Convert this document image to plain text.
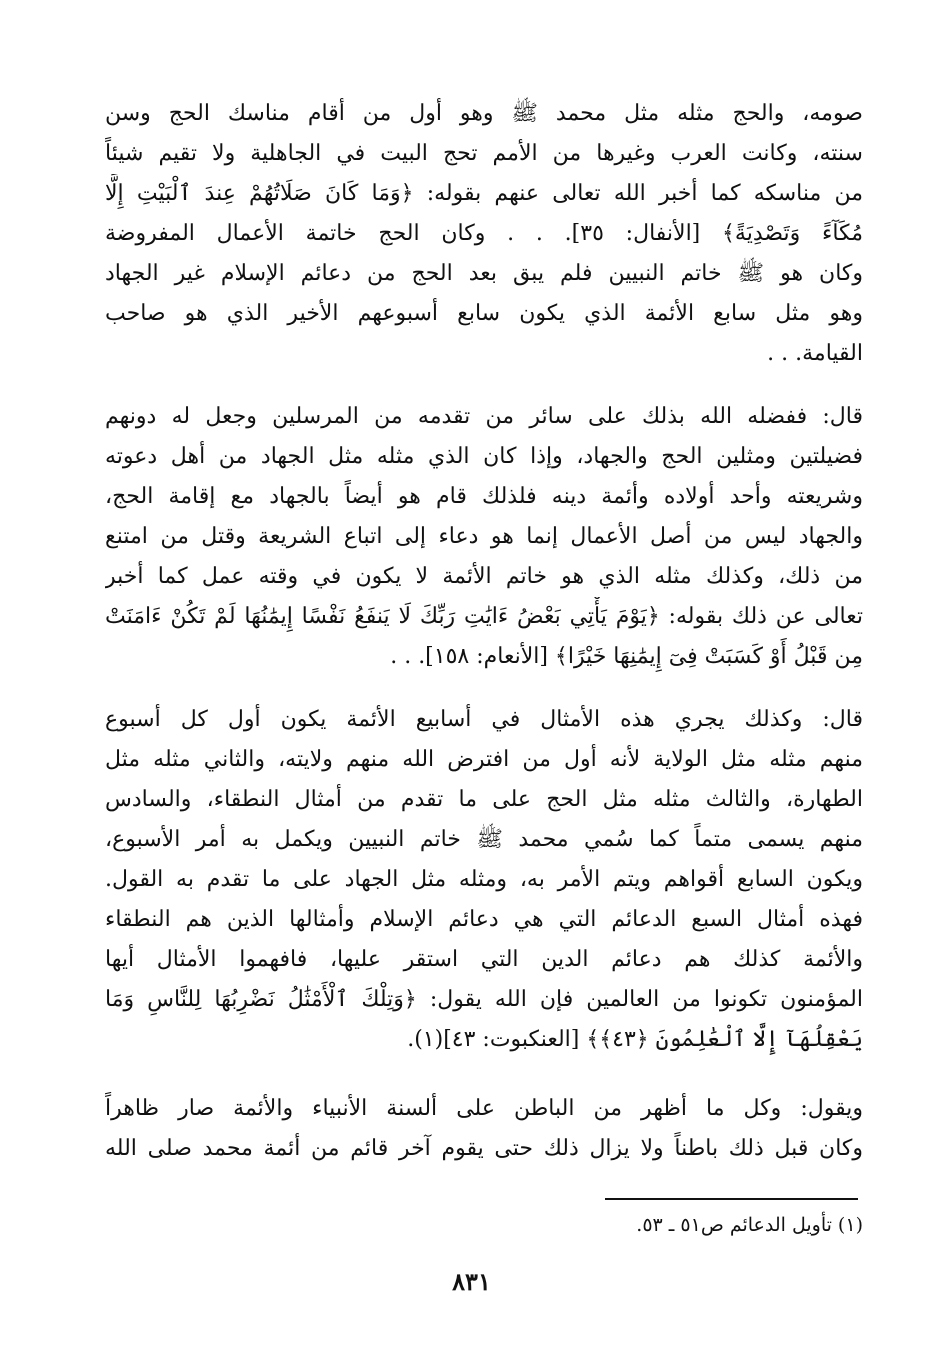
صومه، والحج مثله مثل محمد ﷺ وهو أول من أقام مناسك الحج وسن
سنته، وكانت العرب وغيرها من الأمم تحج البيت في الجاهلية ولا تقيم شيئاً
من مناسكه كما أخبر الله تعالى عنهم بقوله: ﴿وَمَا كَانَ صَلَاتُهُمْ عِندَ ٱلْبَيْتِ إِلَّا
مُكَآءً وَتَصْدِيَةً﴾ [الأنفال: ٣٥]. . . وكان الحج خاتمة الأعمال المفروضة
وكان هو ﷺ خاتم النبيين فلم يبق بعد الحج من دعائم الإسلام غير الجهاد
وهو مثل سابع الأئمة الذي يكون سابع أسبوعهم الأخير الذي هو صاحب
القيامة. . .
قال: ففضله الله بذلك على سائر من تقدمه من المرسلين وجعل له دونهم
فضيلتين ومثلين الحج والجهاد، وإذا كان الذي مثله مثل الجهاد من أهل دعوته
وشريعته وأحد أولاده وأئمة دينه فلذلك قام هو أيضاً بالجهاد مع إقامة الحج،
والجهاد ليس من أصل الأعمال إنما هو دعاء إلى اتباع الشريعة وقتل من امتنع
من ذلك، وكذلك مثله الذي هو خاتم الأئمة لا يكون في وقته عمل كما أخبر
تعالى عن ذلك بقوله: ﴿يَوْمَ يَأْتِي بَعْضُ ءَايَٰتِ رَبِّكَ لَا يَنفَعُ نَفْسًا إِيمَٰنُهَا لَمْ تَكُنْ ءَامَنَتْ
مِن قَبْلُ أَوْ كَسَبَتْ فِىٓ إِيمَٰنِهَا خَيْرًا﴾ [الأنعام: ١٥٨]. . .
قال: وكذلك يجري هذه الأمثال في أسابيع الأئمة يكون أول كل أسبوع
منهم مثله مثل الولاية لأنه أول من افترض الله منهم ولايته، والثاني مثله مثل
الطهارة، والثالث مثله مثل الحج على ما تقدم من أمثال النطقاء، والسادس
منهم يسمى متماً كما سُمي محمد ﷺ خاتم النبيين ويكمل به أمر الأسبوع،
ويكون السابع أقواهم ويتم الأمر به، ومثله مثل الجهاد على ما تقدم به القول.
فهذه أمثال السبع الدعائم التي هي دعائم الإسلام وأمثالها الذين هم النطقاء
والأئمة كذلك هم دعائم الدين التي استقر عليها، فافهموا الأمثال أيها
المؤمنون تكونوا من العالمين فإن الله يقول: ﴿وَتِلْكَ ٱلْأَمْثَٰلُ نَضْرِبُهَا لِلنَّاسِ وَمَا
يَعْقِلُهَآ إِلَّا ٱلْعَٰلِمُونَ ﴿٤٣﴾﴾ [العنكبوت: ٤٣](١).
ويقول: وكل ما أظهر من الباطن على ألسنة الأنبياء والأئمة صار ظاهراً
وكان قبل ذلك باطناً ولا يزال ذلك حتى يقوم آخر قائم من أئمة محمد صلى الله
(١) تأويل الدعائم ص٥١ ـ ٥٣.
٨٣١
